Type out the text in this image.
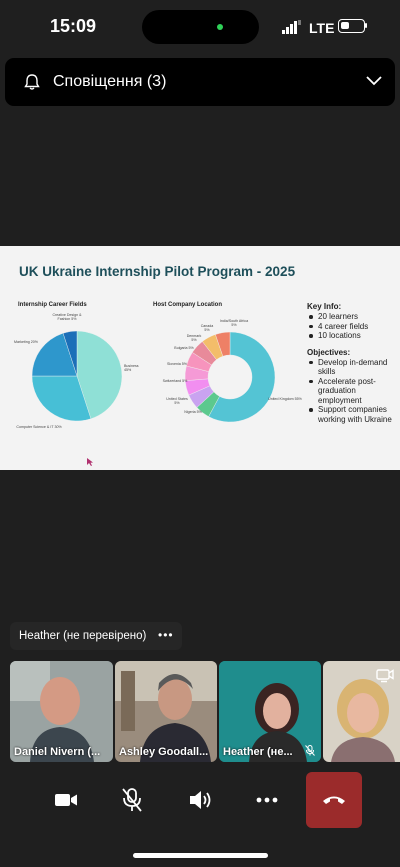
15:09	LTE
Сповіщення (3)
UK Ukraine Internship Pilot Program - 2025
Internship Career Fields	Host Company Location
Creative Design & Fashion 5%
Marketing 20%
Business 45%
Computer Science & IT 30%
Canada 5%
India/South Africa 5%
Denmark 5%
Bulgaria 5%
Slovenia 5%
Switzerland 5%
United States 5%
Nigeria 5%
United Kingdom 55%
Key Info:
20 learners
4 career fields
10 locations
Objectives:
Develop in-demand skills
Accelerate post-graduation employment
Support companies working with Ukraine
Heather (не перевірено) •••
Daniel Nivern (... Ashley Goodall... Heather (не...
